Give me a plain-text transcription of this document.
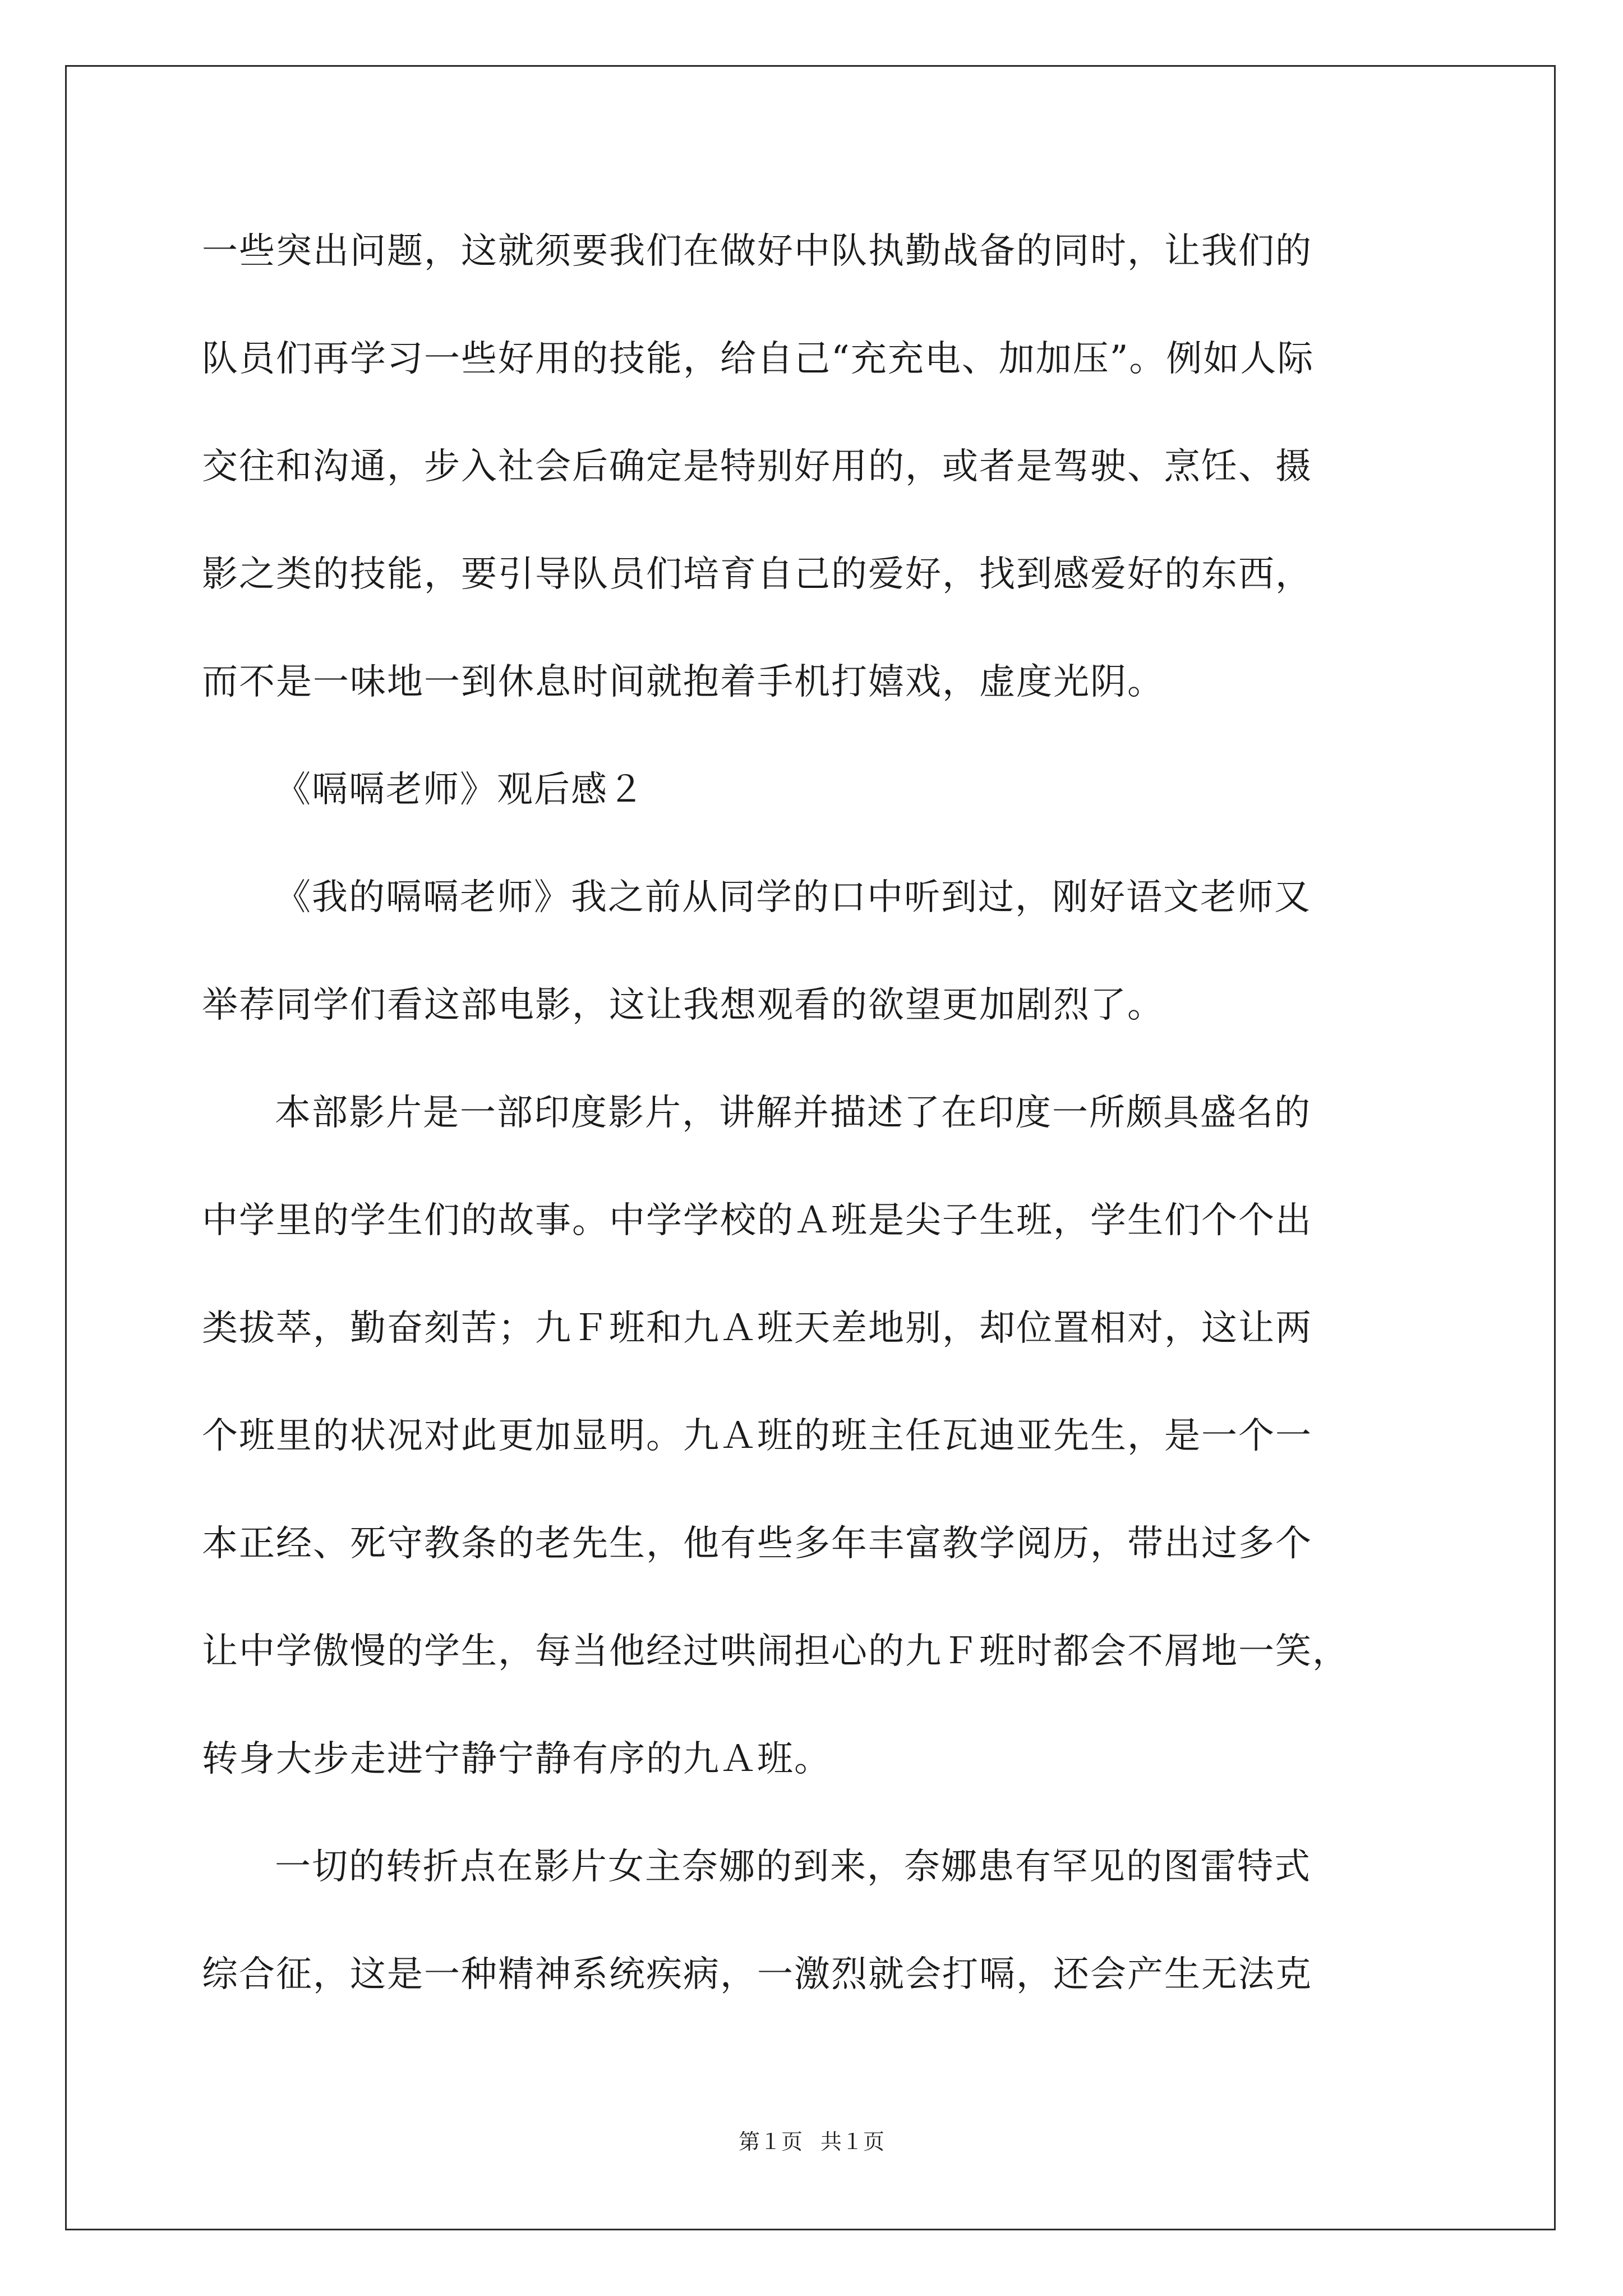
一些突出问题，这就须要我们在做好中队执勤战备的同时，让我们的
队员们再学习一些好用的技能，给自己“充充电、加加压”。例如人际
交往和沟通，步入社会后确定是特别好用的，或者是驾驶、烹饪、摄
影之类的技能，要引导队员们培育自己的爱好，找到感爱好的东西，
而不是一味地一到休息时间就抱着手机打嬉戏，虚度光阴。
《嗝嗝老师》观后感２
《我的嗝嗝老师》我之前从同学的口中听到过，刚好语文老师又
举荐同学们看这部电影，这让我想观看的欲望更加剧烈了。
本部影片是一部印度影片，讲解并描述了在印度一所颇具盛名的
中学里的学生们的故事。中学学校的Ａ班是尖子生班，学生们个个出
类拔萃，勤奋刻苦；九Ｆ班和九Ａ班天差地别，却位置相对，这让两
个班里的状况对此更加显明。九Ａ班的班主任瓦迪亚先生，是一个一
本正经、死守教条的老先生，他有些多年丰富教学阅历，带出过多个
让中学傲慢的学生，每当他经过哄闹担心的九Ｆ班时都会不屑地一笑，
转身大步走进宁静宁静有序的九Ａ班。
一切的转折点在影片女主奈娜的到来，奈娜患有罕见的图雷特式
综合征，这是一种精神系统疾病，一激烈就会打嗝，还会产生无法克
第１页 共１页
